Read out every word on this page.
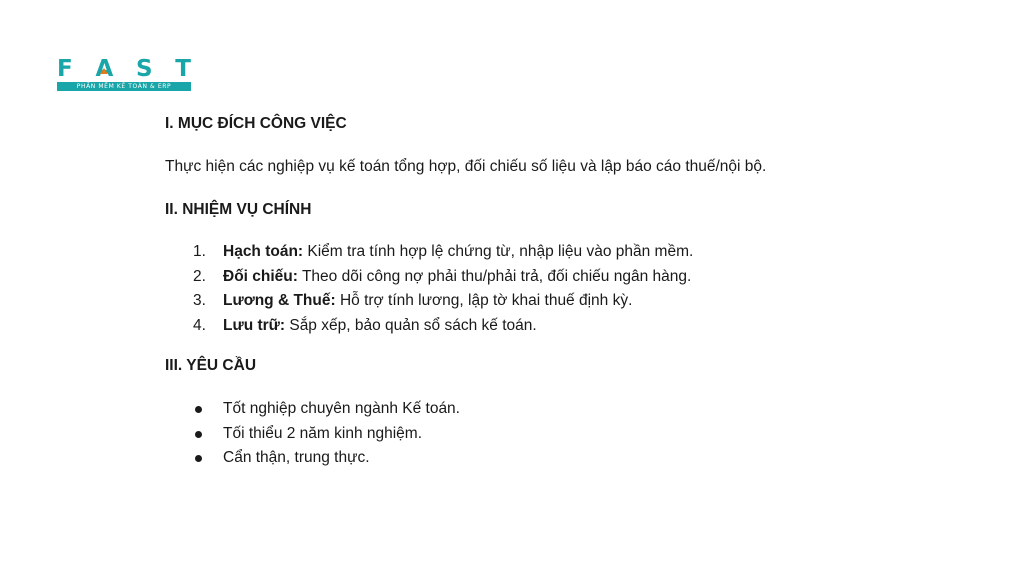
F A S T
PHẦN MỀM KẾ TOÁN & ERP
I. MỤC ĐÍCH CÔNG VIỆC

Thực hiện các nghiệp vụ kế toán tổng hợp, đối chiếu số liệu và lập báo cáo thuế/nội bộ.

II. NHIỆM VỤ CHÍNH
1. Hạch toán: Kiểm tra tính hợp lệ chứng từ, nhập liệu vào phần mềm.
2. Đối chiếu: Theo dõi công nợ phải thu/phải trả, đối chiếu ngân hàng.
3. Lương & Thuế: Hỗ trợ tính lương, lập tờ khai thuế định kỳ.
4. Lưu trữ: Sắp xếp, bảo quản sổ sách kế toán.
III. YÊU CẦU
Tốt nghiệp chuyên ngành Kế toán.
Tối thiểu 2 năm kinh nghiệm.
Cẩn thận, trung thực.
